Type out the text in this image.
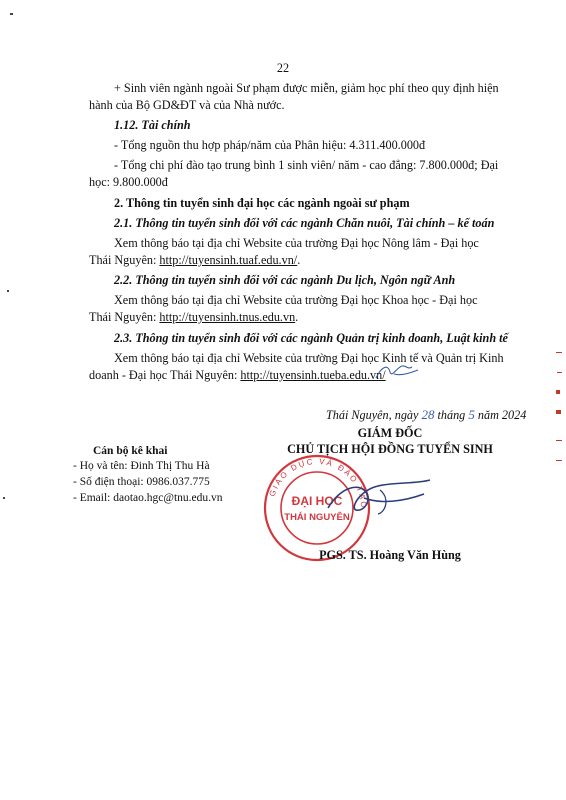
22
+ Sinh viên ngành ngoài Sư phạm được miễn, giảm học phí theo quy định hiện
hành của Bộ GD&ĐT và của Nhà nước.
1.12. Tài chính
- Tổng nguồn thu hợp pháp/năm của Phân hiệu: 4.311.400.000đ
- Tổng chi phí đào tạo trung bình 1 sinh viên/ năm - cao đẳng: 7.800.000đ; Đại
học: 9.800.000đ
2. Thông tin tuyển sinh đại học các ngành ngoài sư phạm
2.1. Thông tin tuyển sinh đối với các ngành Chăn nuôi, Tài chính – kế toán
Xem thông báo tại địa chỉ Website của trường Đại học Nông lâm - Đại học
Thái Nguyên: http://tuyensinh.tuaf.edu.vn/.
2.2. Thông tin tuyển sinh đối với các ngành Du lịch, Ngôn ngữ Anh
Xem thông báo tại địa chỉ Website của trường Đại học Khoa học - Đại học
Thái Nguyên: http://tuyensinh.tnus.edu.vn.
2.3. Thông tin tuyển sinh đối với các ngành Quản trị kinh doanh, Luật kinh tế
Xem thông báo tại địa chỉ Website của trường Đại học Kinh tế và Quản trị Kinh
doanh - Đại học Thái Nguyên: http://tuyensinh.tueba.edu.vn/
Thái Nguyên, ngày 28 tháng 5 năm 2024
GIÁM ĐỐC
CHỦ TỊCH HỘI ĐỒNG TUYỂN SINH
Cán bộ kê khai
- Họ và tên: Đinh Thị Thu Hà
- Số điện thoại: 0986.037.775
- Email: daotao.hgc@tnu.edu.vn	GIÁO DỤC VÀ ĐÀO TẠO
ĐẠI HỌC
THÁI NGUYÊN
PGS. TS. Hoàng Văn Hùng
